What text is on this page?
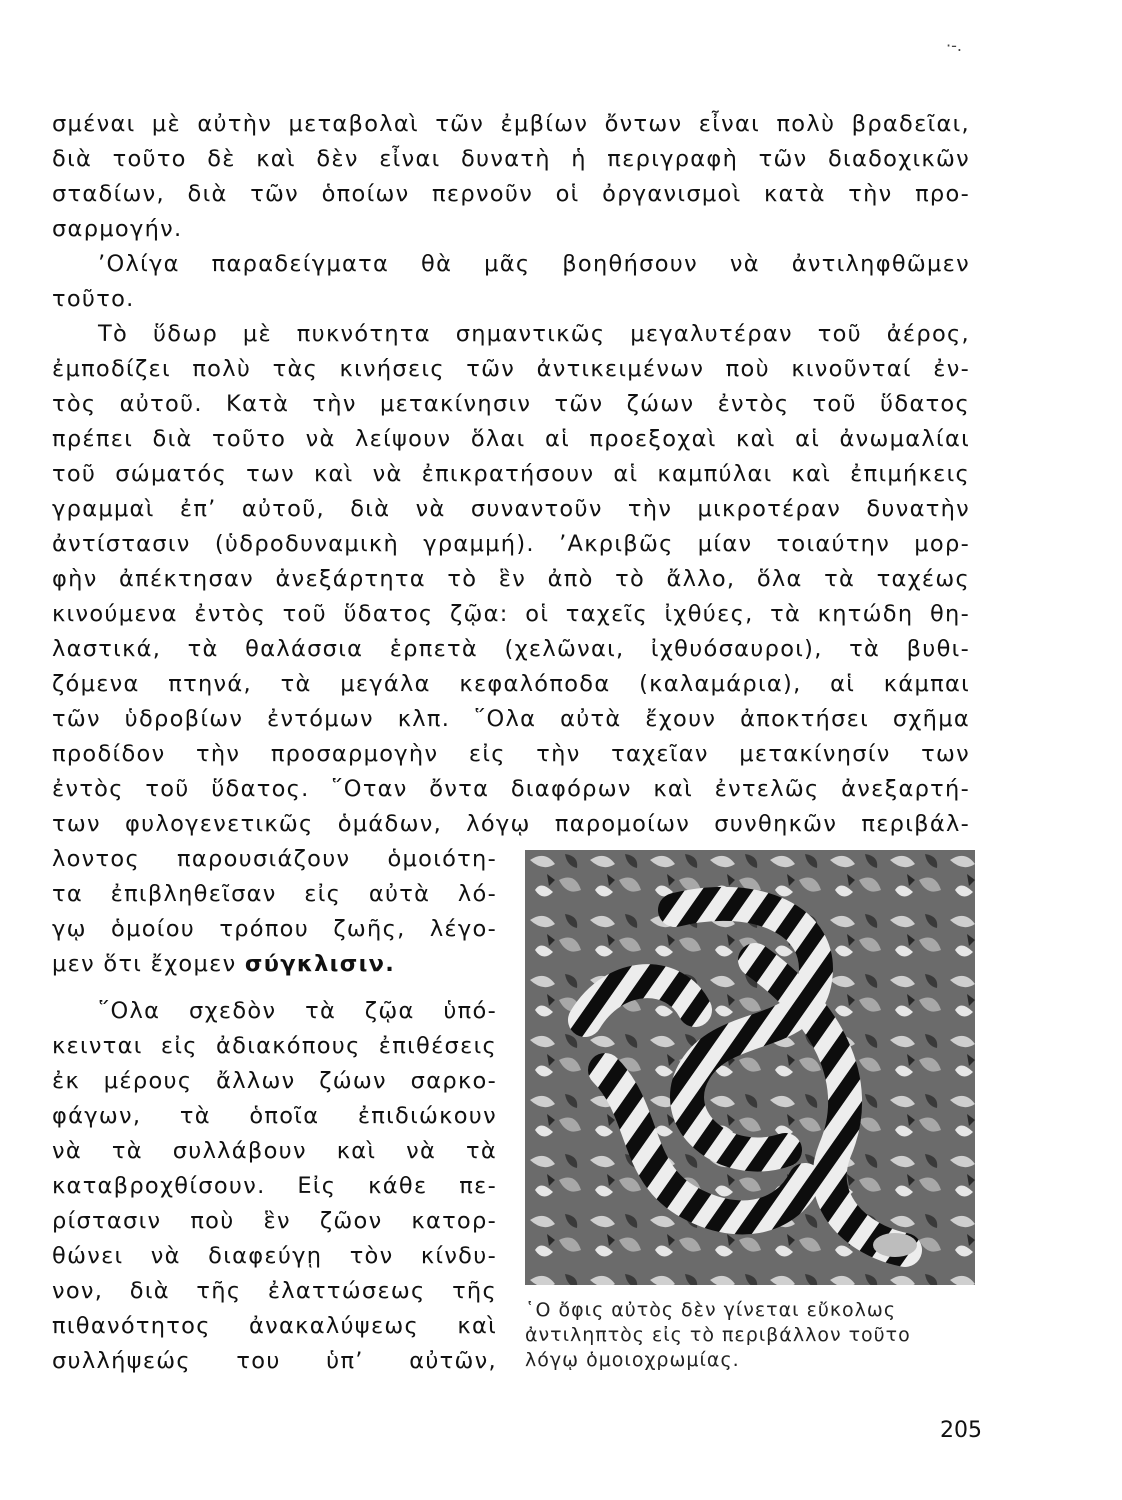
·-.
σμέναι μὲ αὐτὴν μεταβολαὶ τῶν ἐμβίων ὄντων εἶναι πολὺ βραδεῖαι,
διὰ τοῦτο δὲ καὶ δὲν εἶναι δυνατὴ ἡ περιγραφὴ τῶν διαδοχικῶν
σταδίων, διὰ τῶν ὁποίων περνοῦν οἱ ὀργανισμοὶ κατὰ τὴν προ-
σαρμογήν.
’Ολίγα παραδείγματα θὰ μᾶς βοηθήσουν νὰ ἀντιληφθῶμεν
τοῦτο.
Τὸ ὕδωρ μὲ πυκνότητα σημαντικῶς μεγαλυτέραν τοῦ ἀέρος,
ἐμποδίζει πολὺ τὰς κινήσεις τῶν ἀντικειμένων ποὺ κινοῦνταί ἐν-
τὸς αὐτοῦ. Κατὰ τὴν μετακίνησιν τῶν ζώων ἐντὸς τοῦ ὕδατος
πρέπει διὰ τοῦτο νὰ λείψουν ὅλαι αἱ προεξοχαὶ καὶ αἱ ἀνωμαλίαι
τοῦ σώματός των καὶ νὰ ἐπικρατήσουν αἱ καμπύλαι καὶ ἐπιμήκεις
γραμμαὶ ἐπ’ αὐτοῦ, διὰ νὰ συναντοῦν τὴν μικροτέραν δυνατὴν
ἀντίστασιν (ὑδροδυναμικὴ γραμμή). ’Ακριβῶς μίαν τοιαύτην μορ-
φὴν ἀπέκτησαν ἀνεξάρτητα τὸ ἓν ἀπὸ τὸ ἄλλο, ὅλα τὰ ταχέως
κινούμενα ἐντὸς τοῦ ὕδατος ζῷα: οἱ ταχεῖς ἰχθύες, τὰ κητώδη θη-
λαστικά, τὰ θαλάσσια ἑρπετὰ (χελῶναι, ἰχθυόσαυροι), τὰ βυθι-
ζόμενα πτηνά, τὰ μεγάλα κεφαλόποδα (καλαμάρια), αἱ κάμπαι
τῶν ὑδροβίων ἐντόμων κλπ. ῞Ολα αὐτὰ ἔχουν ἀποκτήσει σχῆμα
προδίδον τὴν προσαρμογὴν εἰς τὴν ταχεῖαν μετακίνησίν των
ἐντὸς τοῦ ὕδατος. ῞Οταν ὄντα διαφόρων καὶ ἐντελῶς ἀνεξαρτή-
των φυλογενετικῶς ὁμάδων, λόγῳ παρομοίων συνθηκῶν περιβάλ-
λοντος παρουσιάζουν ὁμοιότη-
τα ἐπιβληθεῖσαν εἰς αὐτὰ λό-
γῳ ὁμοίου τρόπου ζωῆς, λέγο-
μεν ὅτι ἔχομεν σύγκλισιν.
῞Ολα σχεδὸν τὰ ζῷα ὑπό-
κεινται εἰς ἀδιακόπους ἐπιθέσεις
ἐκ μέρους ἄλλων ζώων σαρκο-
φάγων, τὰ ὁποῖα ἐπιδιώκουν
νὰ τὰ συλλάβουν καὶ νὰ τὰ
καταβροχθίσουν. Εἰς κάθε πε-
ρίστασιν ποὺ ἓν ζῶον κατορ-
θώνει νὰ διαφεύγῃ τὸν κίνδυ-
νον, διὰ τῆς ἐλαττώσεως τῆς
πιθανότητος ἀνακαλύψεως καὶ
συλλήψεώς του ὑπ’ αὐτῶν,
῾Ο ὄφις αὐτὸς δὲν γίνεται εὔκολως
ἀντιληπτὸς εἰς τὸ περιβάλλον τοῦτο
λόγῳ ὁμοιοχρωμίας.
205
